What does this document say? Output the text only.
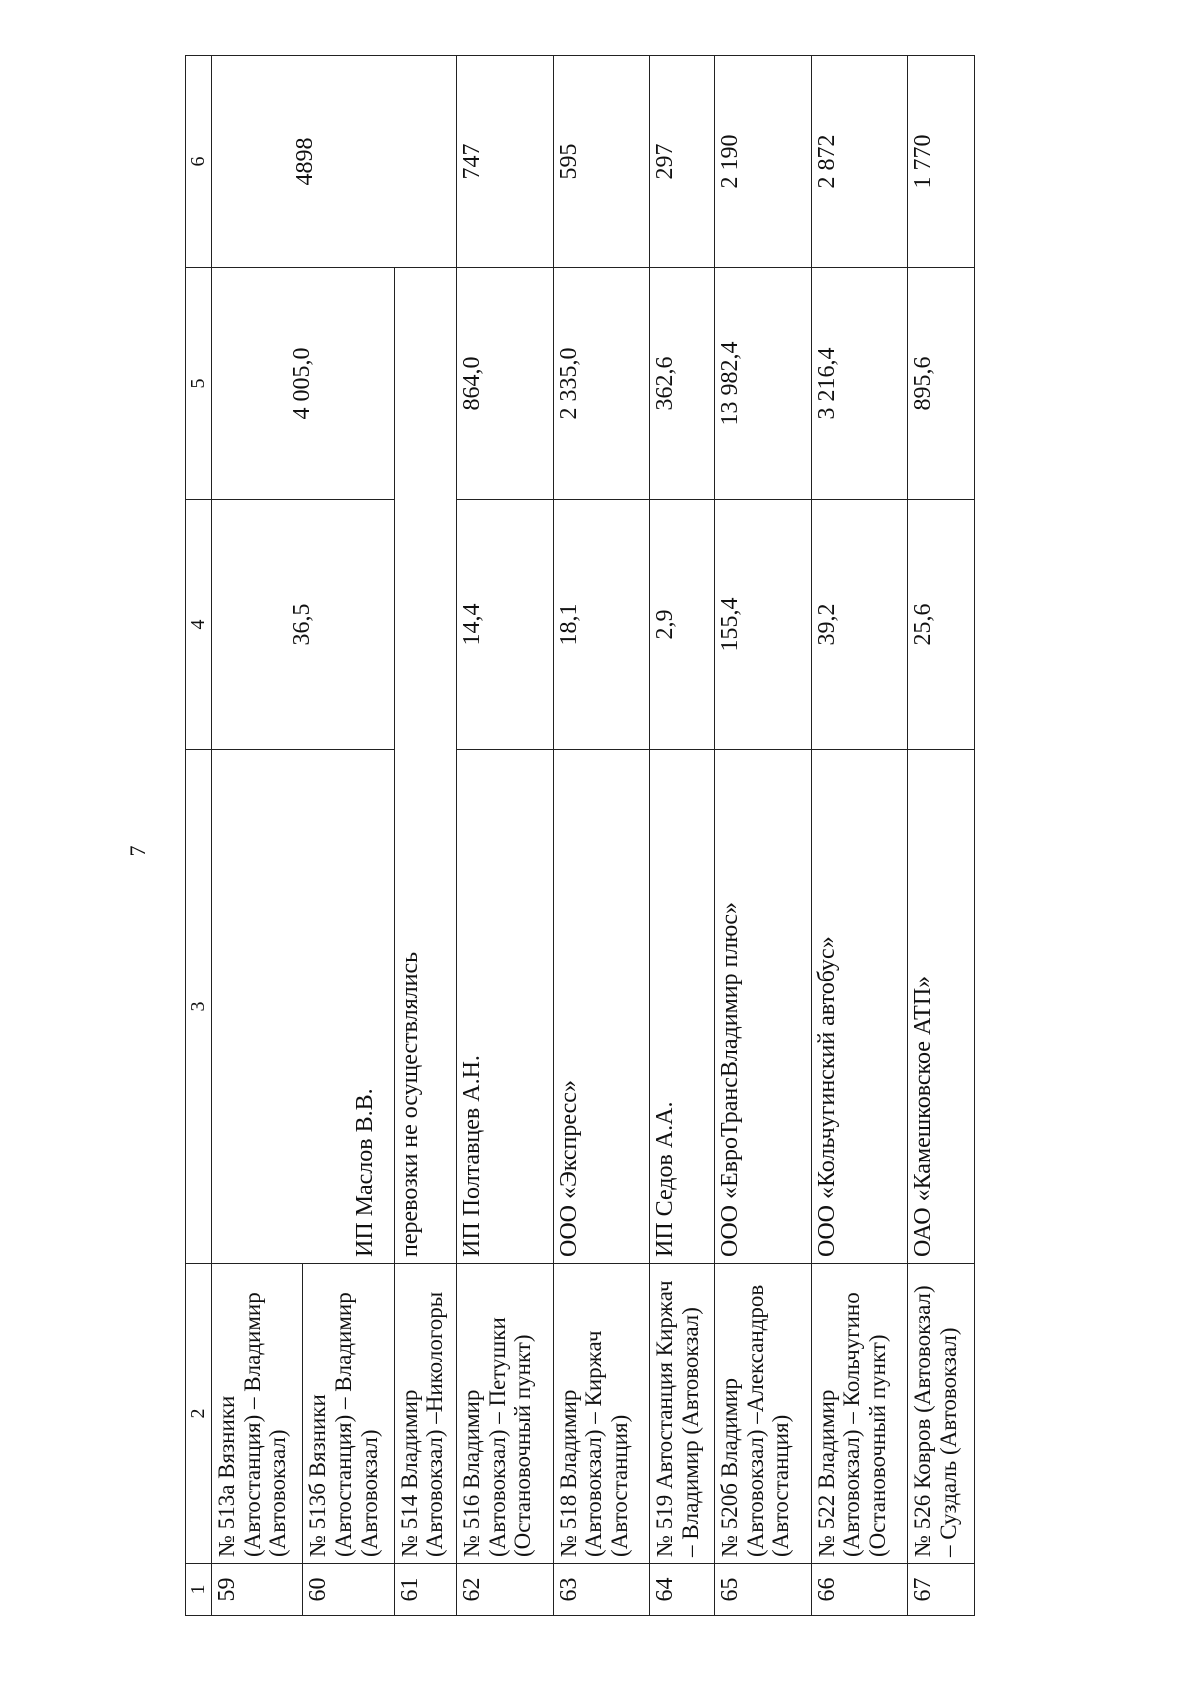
7
1	2	3	4	5	6
59	№ 513а Вязники (Автостанция) – Владимир (Автовокзал)	ИП Маслов В.В.	36,5	4 005,0	4898
60	№ 513б Вязники (Автостанция) – Владимир (Автовокзал)				
61	№ 514 Владимир (Автовокзал) –Никологоры	перевозки не осуществлялись			
62	№ 516 Владимир (Автовокзал) – Петушки (Остановочный пункт)	ИП Полтавцев А.Н.	14,4	864,0	747
63	№ 518 Владимир (Автовокзал) – Киржач (Автостанция)	ООО «Экспресс»	18,1	2 335,0	595
64	№ 519 Автостанция Киржач – Владимир (Автовокзал)	ИП Седов А.А.	2,9	362,6	297
65	№ 520б Владимир (Автовокзал) –Александров (Автостанция)	ООО «ЕвроТрансВладимир плюс»	155,4	13 982,4	2 190
66	№ 522 Владимир (Автовокзал) – Кольчугино (Остановочный пункт)	ООО «Кольчугинский автобус»	39,2	3 216,4	2 872
67	№ 526 Ковров (Автовокзал) – Суздаль (Автовокзал)	ОАО «Камешковское АТП»	25,6	895,6	1 770
